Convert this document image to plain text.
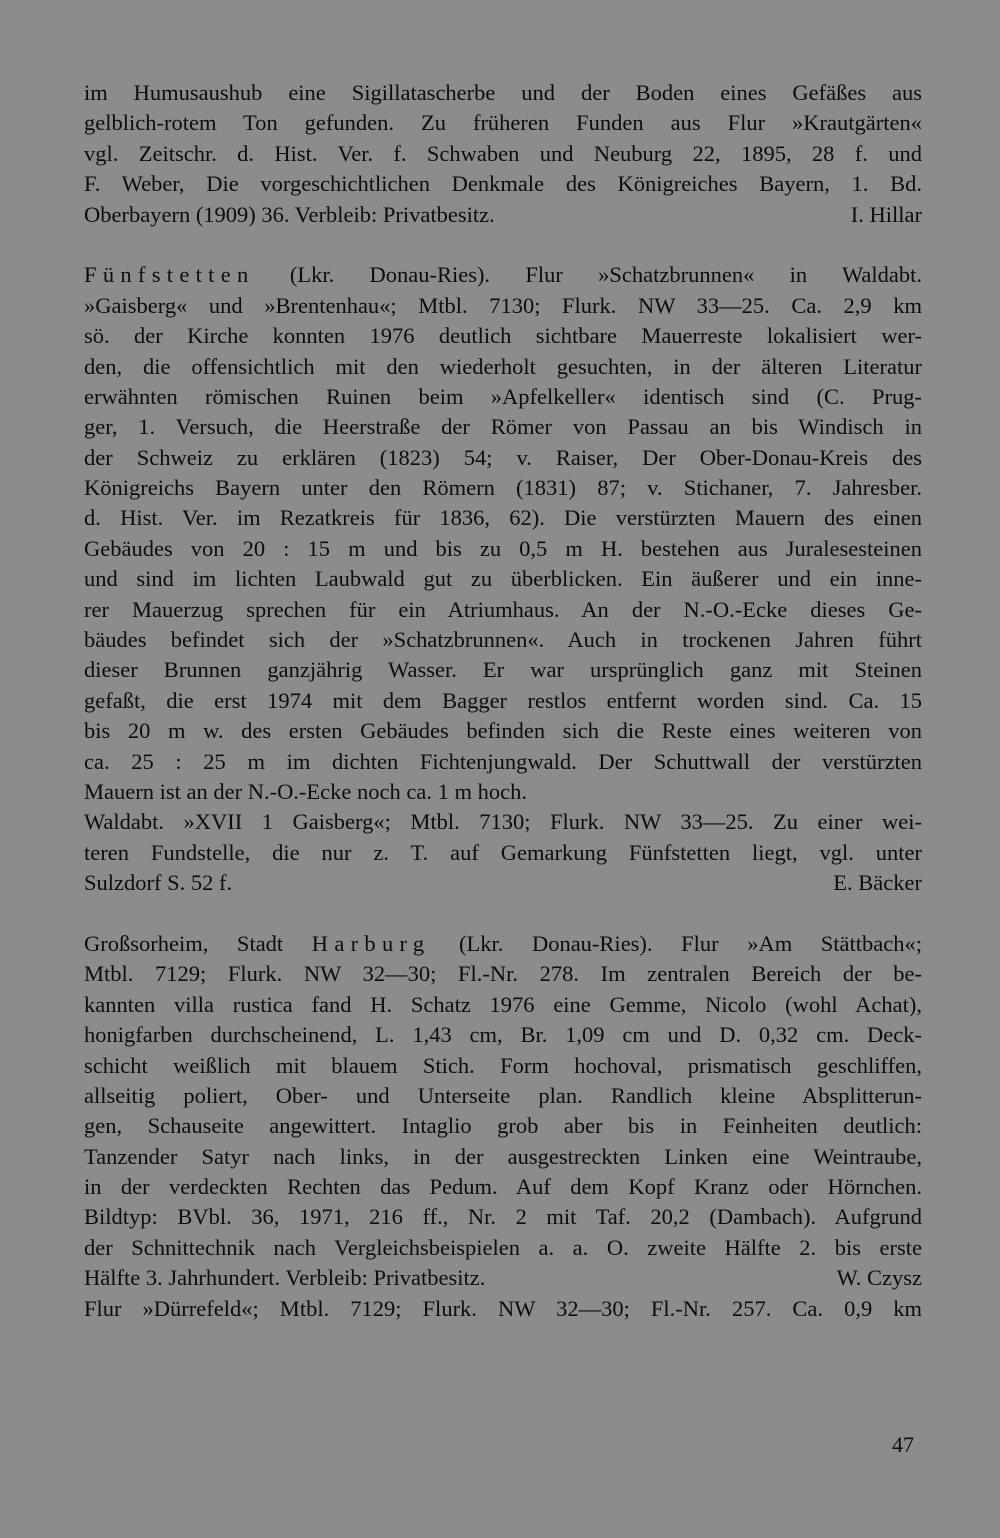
im Humusaushub eine Sigillatascherbe und der Boden eines Gefäßes aus
gelblich-rotem Ton gefunden. Zu früheren Funden aus Flur »Krautgärten«
vgl. Zeitschr. d. Hist. Ver. f. Schwaben und Neuburg 22, 1895, 28 f. und
F. Weber, Die vorgeschichtlichen Denkmale des Königreiches Bayern, 1. Bd.
Oberbayern (1909) 36. Verbleib: Privatbesitz.	I. Hillar
Fünfstetten (Lkr. Donau-Ries). Flur »Schatzbrunnen« in Waldabt.
»Gaisberg« und »Brentenhau«; Mtbl. 7130; Flurk. NW 33—25. Ca. 2,9 km
sö. der Kirche konnten 1976 deutlich sichtbare Mauerreste lokalisiert wer-
den, die offensichtlich mit den wiederholt gesuchten, in der älteren Literatur
erwähnten römischen Ruinen beim »Apfelkeller« identisch sind (C. Prug-
ger, 1. Versuch, die Heerstraße der Römer von Passau an bis Windisch in
der Schweiz zu erklären (1823) 54; v. Raiser, Der Ober-Donau-Kreis des
Königreichs Bayern unter den Römern (1831) 87; v. Stichaner, 7. Jahresber.
d. Hist. Ver. im Rezatkreis für 1836, 62). Die verstürzten Mauern des einen
Gebäudes von 20 : 15 m und bis zu 0,5 m H. bestehen aus Juralesesteinen
und sind im lichten Laubwald gut zu überblicken. Ein äußerer und ein inne-
rer Mauerzug sprechen für ein Atriumhaus. An der N.-O.-Ecke dieses Ge-
bäudes befindet sich der »Schatzbrunnen«. Auch in trockenen Jahren führt
dieser Brunnen ganzjährig Wasser. Er war ursprünglich ganz mit Steinen
gefaßt, die erst 1974 mit dem Bagger restlos entfernt worden sind. Ca. 15
bis 20 m w. des ersten Gebäudes befinden sich die Reste eines weiteren von
ca. 25 : 25 m im dichten Fichtenjungwald. Der Schuttwall der verstürzten
Mauern ist an der N.-O.-Ecke noch ca. 1 m hoch.
Waldabt. »XVII 1 Gaisberg«; Mtbl. 7130; Flurk. NW 33—25. Zu einer wei-
teren Fundstelle, die nur z. T. auf Gemarkung Fünfstetten liegt, vgl. unter
Sulzdorf S. 52 f.	E. Bäcker
Großsorheim, Stadt Harburg (Lkr. Donau-Ries). Flur »Am Stättbach«;
Mtbl. 7129; Flurk. NW 32—30; Fl.-Nr. 278. Im zentralen Bereich der be-
kannten villa rustica fand H. Schatz 1976 eine Gemme, Nicolo (wohl Achat),
honigfarben durchscheinend, L. 1,43 cm, Br. 1,09 cm und D. 0,32 cm. Deck-
schicht weißlich mit blauem Stich. Form hochoval, prismatisch geschliffen,
allseitig poliert, Ober- und Unterseite plan. Randlich kleine Absplitterun-
gen, Schauseite angewittert. Intaglio grob aber bis in Feinheiten deutlich:
Tanzender Satyr nach links, in der ausgestreckten Linken eine Weintraube,
in der verdeckten Rechten das Pedum. Auf dem Kopf Kranz oder Hörnchen.
Bildtyp: BVbl. 36, 1971, 216 ff., Nr. 2 mit Taf. 20,2 (Dambach). Aufgrund
der Schnittechnik nach Vergleichsbeispielen a. a. O. zweite Hälfte 2. bis erste
Hälfte 3. Jahrhundert. Verbleib: Privatbesitz.	W. Czysz
Flur »Dürrefeld«; Mtbl. 7129; Flurk. NW 32—30; Fl.-Nr. 257. Ca. 0,9 km
47
